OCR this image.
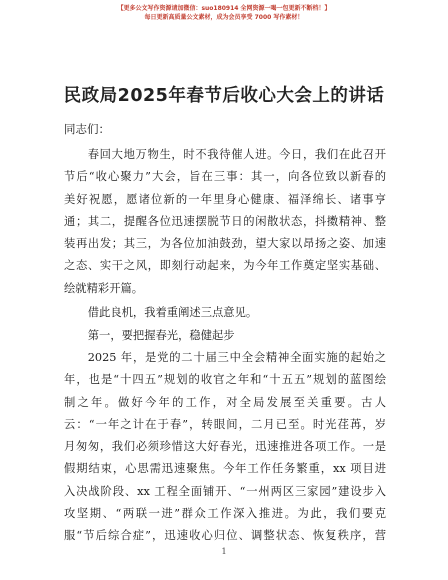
【更多公文写作资源请加微信：suo180914 全网资源一喝一包更新不断档！】
每日更新高质量公文素材，成为会员享受 7000 写作素材！
民政局2025年春节后收心大会上的讲话
同志们：
春回大地万物生，时不我待催人进。今日，我们在此召开
节后“收心聚力”大会，旨在三事：其一，向各位致以新春的
美好祝愿，愿诸位新的一年里身心健康、福泽绵长、诸事亨
通；其二，提醒各位迅速摆脱节日的闲散状态，抖擞精神、整
装再出发；其三，为各位加油鼓劲，望大家以昂扬之姿、加速
之态、实干之风，即刻行动起来，为今年工作奠定坚实基础、
绘就精彩开篇。
借此良机，我着重阐述三点意见。
第一，要把握春光，稳健起步
2025 年，是党的二十届三中全会精神全面实施的起始之
年，也是“十四五”规划的收官之年和“十五五”规划的蓝图绘
制之年。做好今年的工作，对全局发展至关重要。古人
云：“一年之计在于春”，转眼间，二月已至。时光荏苒，岁
月匆匆，我们必须珍惜这大好春光，迅速推进各项工作。一是
假期结束，心思需迅速聚焦。今年工作任务繁重，xx 项目进
入决战阶段、xx 工程全面铺开、“一州两区三家园”建设步入
攻坚期、“两联一进”群众工作深入推进。为此，我们要克
服“节后综合症”，迅速收心归位、调整状态、恢复秩序，营
1
